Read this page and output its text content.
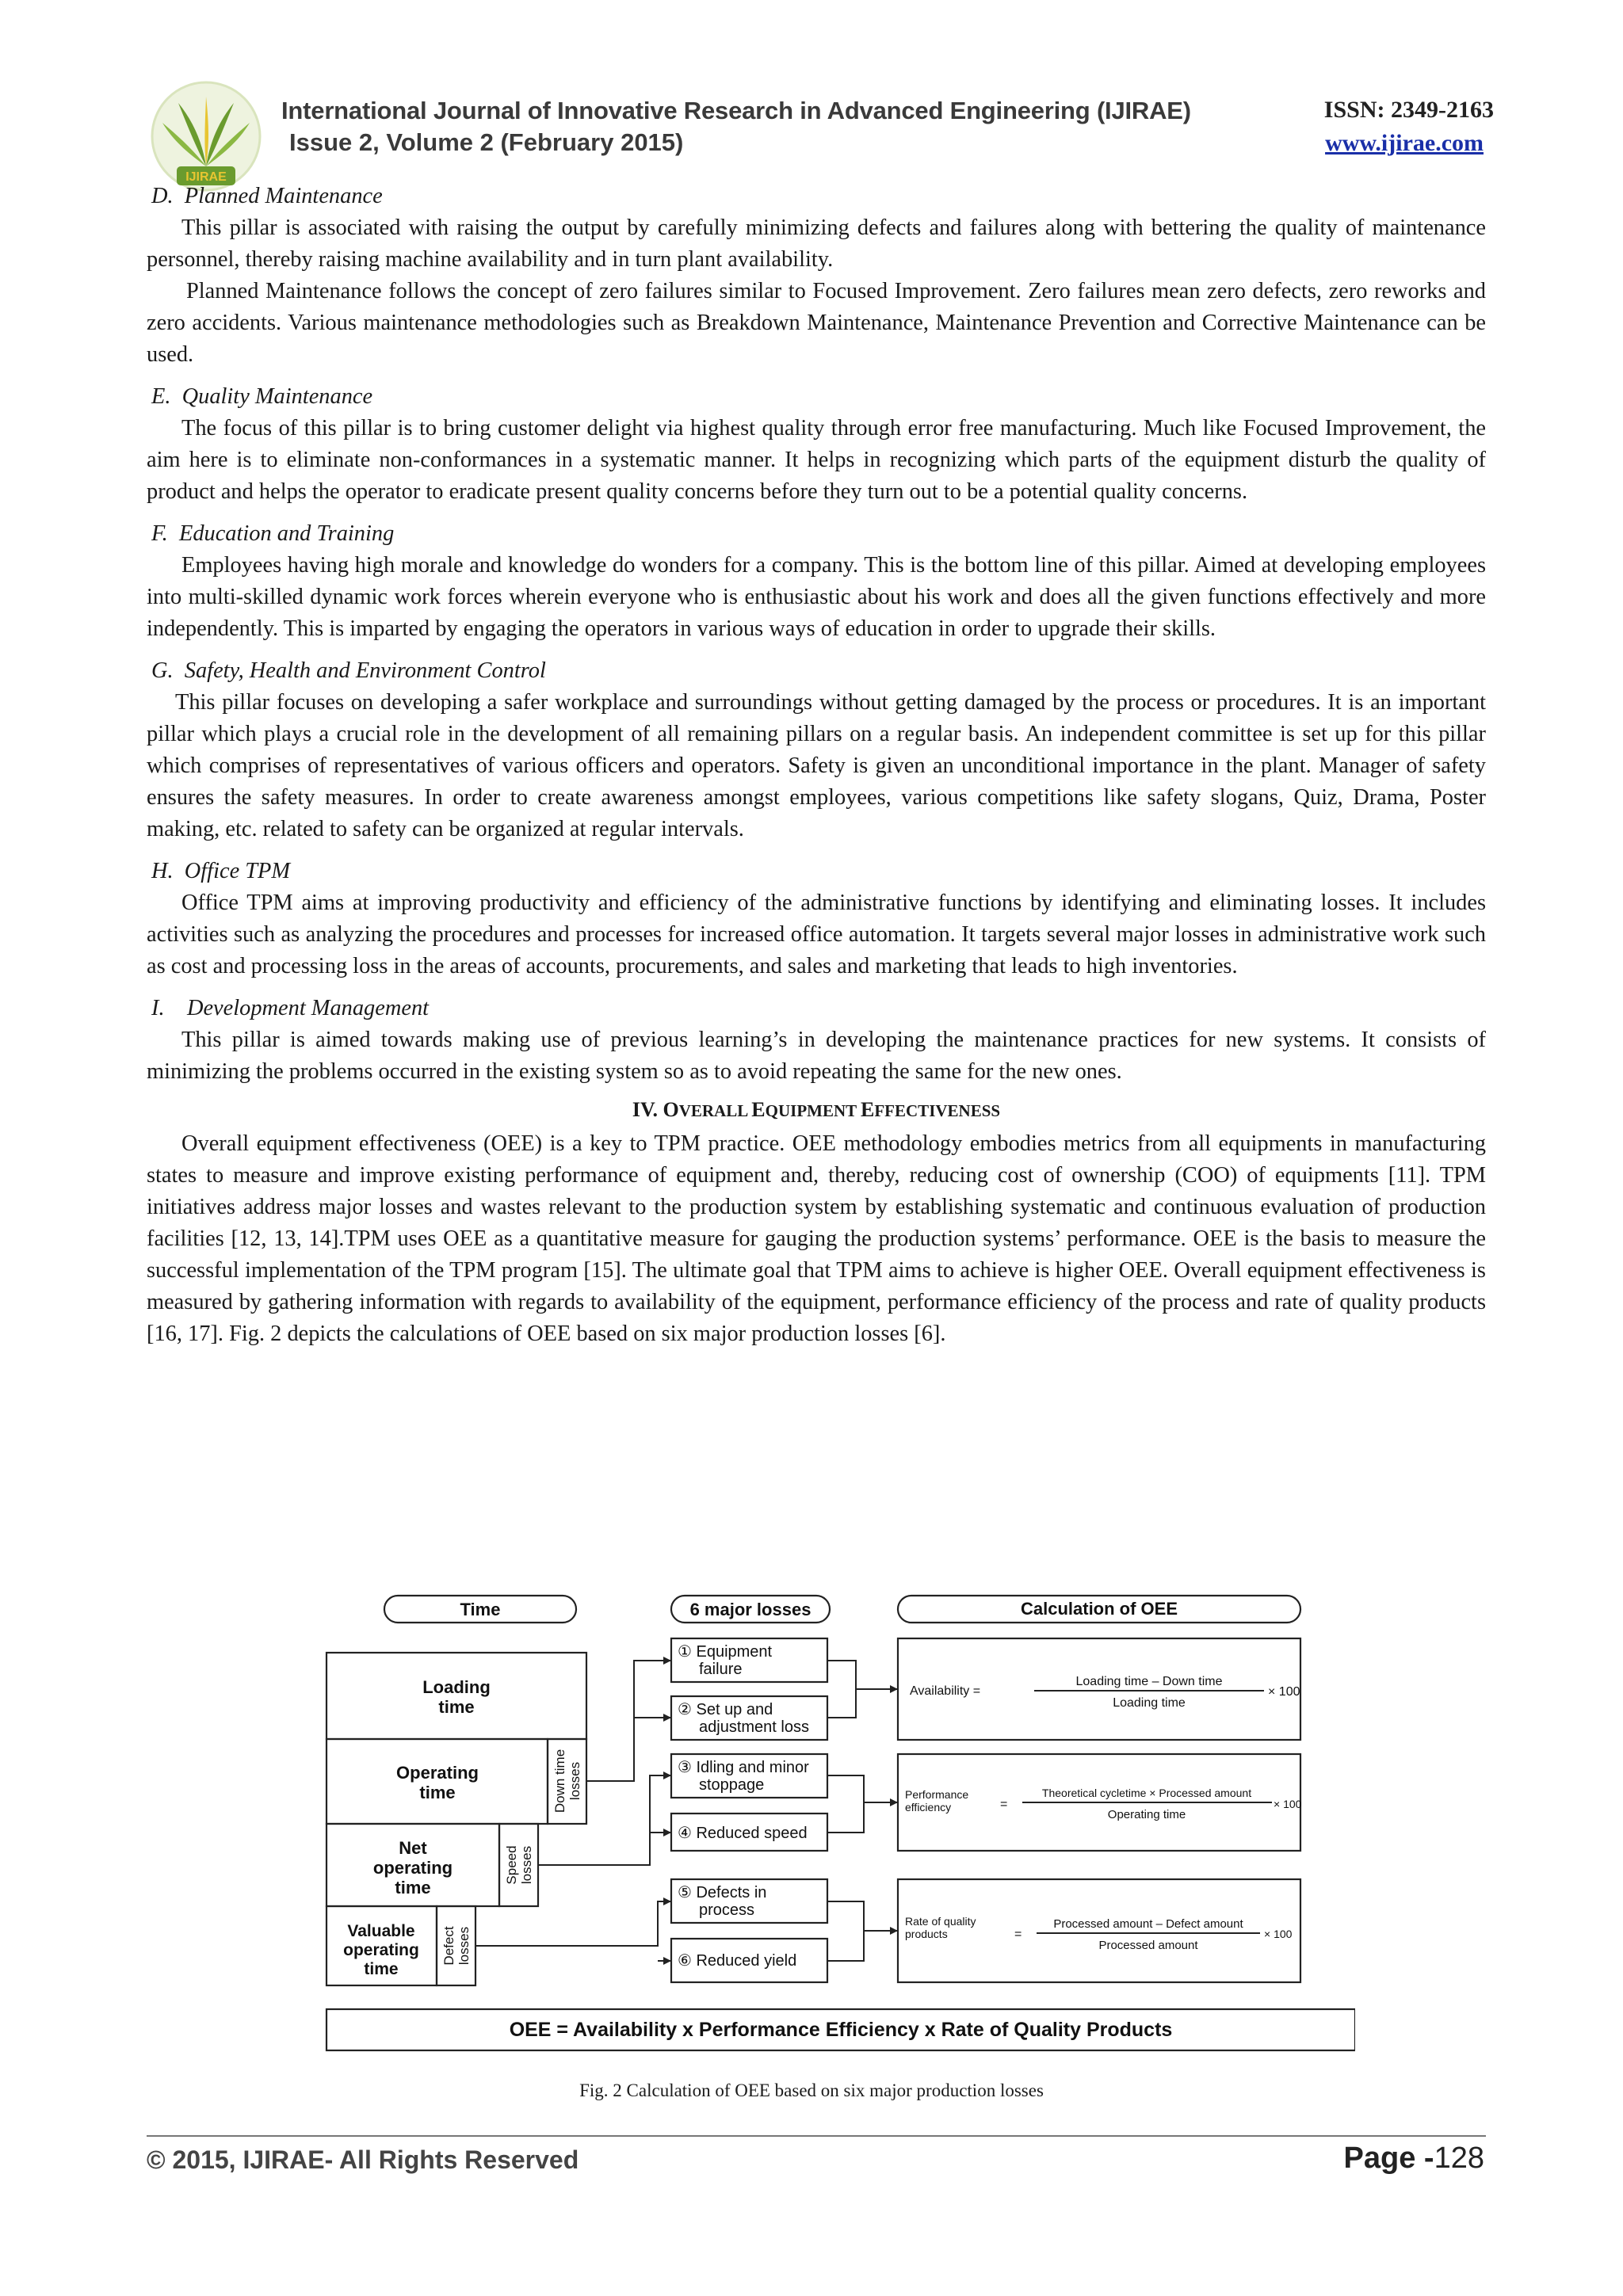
IJIRAE
International Journal of Innovative Research in Advanced Engineering (IJIRAE)
Issue 2, Volume 2 (February 2015)
ISSN: 2349-2163
www.ijirae.com
D. Planned Maintenance

This pillar is associated with raising the output by carefully minimizing defects and failures along with bettering the quality of maintenance personnel, thereby raising machine availability and in turn plant availability.

Planned Maintenance follows the concept of zero failures similar to Focused Improvement. Zero failures mean zero defects, zero reworks and zero accidents. Various maintenance methodologies such as Breakdown Maintenance, Maintenance Prevention and Corrective Maintenance can be used.

E. Quality Maintenance

The focus of this pillar is to bring customer delight via highest quality through error free manufacturing. Much like Focused Improvement, the aim here is to eliminate non-conformances in a systematic manner. It helps in recognizing which parts of the equipment disturb the quality of product and helps the operator to eradicate present quality concerns before they turn out to be a potential quality concerns.

F. Education and Training

Employees having high morale and knowledge do wonders for a company. This is the bottom line of this pillar. Aimed at developing employees into multi-skilled dynamic work forces wherein everyone who is enthusiastic about his work and does all the given functions effectively and more independently. This is imparted by engaging the operators in various ways of education in order to upgrade their skills.

G. Safety, Health and Environment Control

This pillar focuses on developing a safer workplace and surroundings without getting damaged by the process or procedures. It is an important pillar which plays a crucial role in the development of all remaining pillars on a regular basis. An independent committee is set up for this pillar which comprises of representatives of various officers and operators. Safety is given an unconditional importance in the plant. Manager of safety ensures the safety measures. In order to create awareness amongst employees, various competitions like safety slogans, Quiz, Drama, Poster making, etc. related to safety can be organized at regular intervals.

H. Office TPM

Office TPM aims at improving productivity and efficiency of the administrative functions by identifying and eliminating losses. It includes activities such as analyzing the procedures and processes for increased office automation. It targets several major losses in administrative work such as cost and processing loss in the areas of accounts, procurements, and sales and marketing that leads to high inventories.

I. Development Management

This pillar is aimed towards making use of previous learning’s in developing the maintenance practices for new systems. It consists of minimizing the problems occurred in the existing system so as to avoid repeating the same for the new ones.

IV. OVERALL EQUIPMENT EFFECTIVENESS

Overall equipment effectiveness (OEE) is a key to TPM practice. OEE methodology embodies metrics from all equipments in manufacturing states to measure and improve existing performance of equipment and, thereby, reducing cost of ownership (COO) of equipments [11]. TPM initiatives address major losses and wastes relevant to the production system by establishing systematic and continuous evaluation of production facilities [12, 13, 14].TPM uses OEE as a quantitative measure for gauging the production systems’ performance. OEE is the basis to measure the successful implementation of the TPM program [15]. The ultimate goal that TPM aims to achieve is higher OEE. Overall equipment effectiveness is measured by gathering information with regards to availability of the equipment, performance efficiency of the process and rate of quality products [16, 17]. Fig. 2 depicts the calculations of OEE based on six major production losses [6].

Time	6 major losses	Calculation of OEE
Loading
time
Operating
time
Net
operating
time
Valuable
operating
time
Down time losses
Speed losses
Defect losses
① Equipment
failure
② Set up and
adjustment loss
③ Idling and minor
stoppage
④ Reduced speed
⑤ Defects in
process
⑥ Reduced yield
Availability =
Loading time – Down time
Loading time
× 100
Performance
efficiency	=
Theoretical cycletime × Processed amount
Operating time
× 100
Rate of quality
products	=
Processed amount – Defect amount
Processed amount
× 100
OEE = Availability x Performance Efficiency x Rate of Quality Products
Fig. 2 Calculation of OEE based on six major production losses
© 2015, IJIRAE- All Rights Reserved	Page -128
